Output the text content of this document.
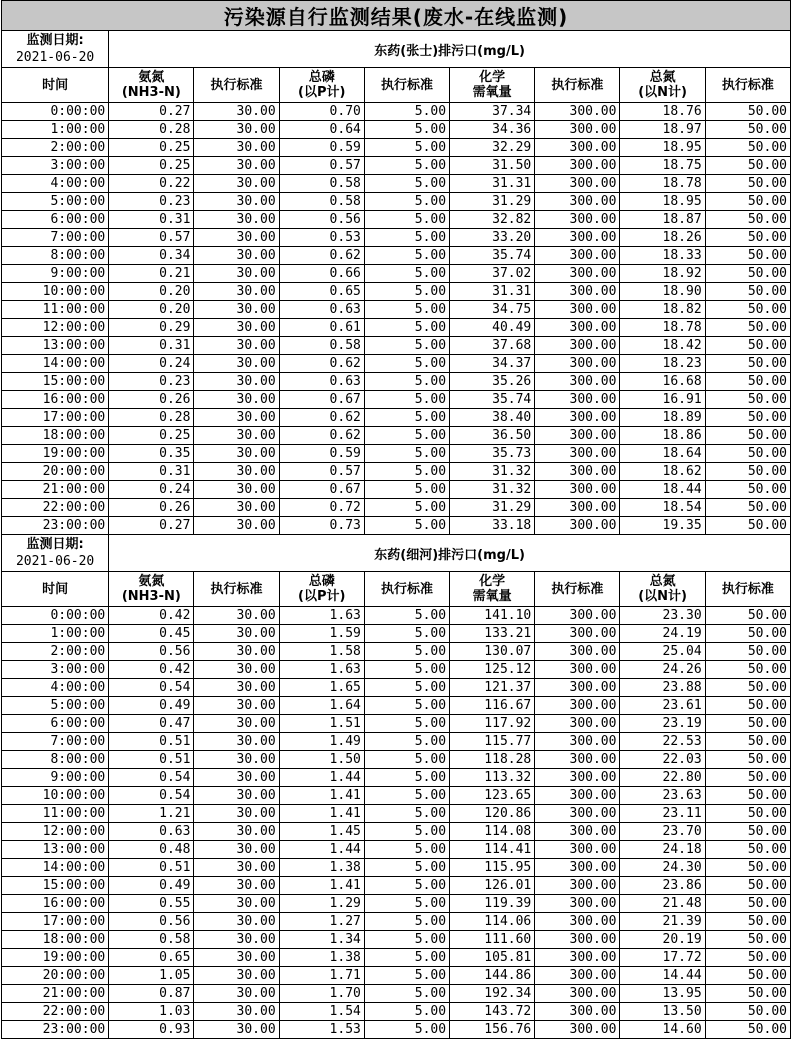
污染源自行监测结果(废水-在线监测)								

监测日期:
2021-06-20	东药(张士)排污口(mg/L)							

时间	氨氮
(NH3-N)	执行标准	总磷
(以P计)	执行标准	化学
需氧量	执行标准	总氮
(以N计)	执行标准

0:00:00	0.27	30.00	0.70	5.00	37.34	300.00	18.76	50.00
1:00:00	0.28	30.00	0.64	5.00	34.36	300.00	18.97	50.00
2:00:00	0.25	30.00	0.59	5.00	32.29	300.00	18.95	50.00
3:00:00	0.25	30.00	0.57	5.00	31.50	300.00	18.75	50.00
4:00:00	0.22	30.00	0.58	5.00	31.31	300.00	18.78	50.00
5:00:00	0.23	30.00	0.58	5.00	31.29	300.00	18.95	50.00
6:00:00	0.31	30.00	0.56	5.00	32.82	300.00	18.87	50.00
7:00:00	0.57	30.00	0.53	5.00	33.20	300.00	18.26	50.00
8:00:00	0.34	30.00	0.62	5.00	35.74	300.00	18.33	50.00
9:00:00	0.21	30.00	0.66	5.00	37.02	300.00	18.92	50.00
10:00:00	0.20	30.00	0.65	5.00	31.31	300.00	18.90	50.00
11:00:00	0.20	30.00	0.63	5.00	34.75	300.00	18.82	50.00
12:00:00	0.29	30.00	0.61	5.00	40.49	300.00	18.78	50.00
13:00:00	0.31	30.00	0.58	5.00	37.68	300.00	18.42	50.00
14:00:00	0.24	30.00	0.62	5.00	34.37	300.00	18.23	50.00
15:00:00	0.23	30.00	0.63	5.00	35.26	300.00	16.68	50.00
16:00:00	0.26	30.00	0.67	5.00	35.74	300.00	16.91	50.00
17:00:00	0.28	30.00	0.62	5.00	38.40	300.00	18.89	50.00
18:00:00	0.25	30.00	0.62	5.00	36.50	300.00	18.86	50.00
19:00:00	0.35	30.00	0.59	5.00	35.73	300.00	18.64	50.00
20:00:00	0.31	30.00	0.57	5.00	31.32	300.00	18.62	50.00
21:00:00	0.24	30.00	0.67	5.00	31.32	300.00	18.44	50.00
22:00:00	0.26	30.00	0.72	5.00	31.29	300.00	18.54	50.00
23:00:00	0.27	30.00	0.73	5.00	33.18	300.00	19.35	50.00

监测日期:
2021-06-20	东药(细河)排污口(mg/L)							

时间	氨氮
(NH3-N)	执行标准	总磷
(以P计)	执行标准	化学
需氧量	执行标准	总氮
(以N计)	执行标准

0:00:00	0.42	30.00	1.63	5.00	141.10	300.00	23.30	50.00
1:00:00	0.45	30.00	1.59	5.00	133.21	300.00	24.19	50.00
2:00:00	0.56	30.00	1.58	5.00	130.07	300.00	25.04	50.00
3:00:00	0.42	30.00	1.63	5.00	125.12	300.00	24.26	50.00
4:00:00	0.54	30.00	1.65	5.00	121.37	300.00	23.88	50.00
5:00:00	0.49	30.00	1.64	5.00	116.67	300.00	23.61	50.00
6:00:00	0.47	30.00	1.51	5.00	117.92	300.00	23.19	50.00
7:00:00	0.51	30.00	1.49	5.00	115.77	300.00	22.53	50.00
8:00:00	0.51	30.00	1.50	5.00	118.28	300.00	22.03	50.00
9:00:00	0.54	30.00	1.44	5.00	113.32	300.00	22.80	50.00
10:00:00	0.54	30.00	1.41	5.00	123.65	300.00	23.63	50.00
11:00:00	1.21	30.00	1.41	5.00	120.86	300.00	23.11	50.00
12:00:00	0.63	30.00	1.45	5.00	114.08	300.00	23.70	50.00
13:00:00	0.48	30.00	1.44	5.00	114.41	300.00	24.18	50.00
14:00:00	0.51	30.00	1.38	5.00	115.95	300.00	24.30	50.00
15:00:00	0.49	30.00	1.41	5.00	126.01	300.00	23.86	50.00
16:00:00	0.55	30.00	1.29	5.00	119.39	300.00	21.48	50.00
17:00:00	0.56	30.00	1.27	5.00	114.06	300.00	21.39	50.00
18:00:00	0.58	30.00	1.34	5.00	111.60	300.00	20.19	50.00
19:00:00	0.65	30.00	1.38	5.00	105.81	300.00	17.72	50.00
20:00:00	1.05	30.00	1.71	5.00	144.86	300.00	14.44	50.00
21:00:00	0.87	30.00	1.70	5.00	192.34	300.00	13.95	50.00
22:00:00	1.03	30.00	1.54	5.00	143.72	300.00	13.50	50.00
23:00:00	0.93	30.00	1.53	5.00	156.76	300.00	14.60	50.00
